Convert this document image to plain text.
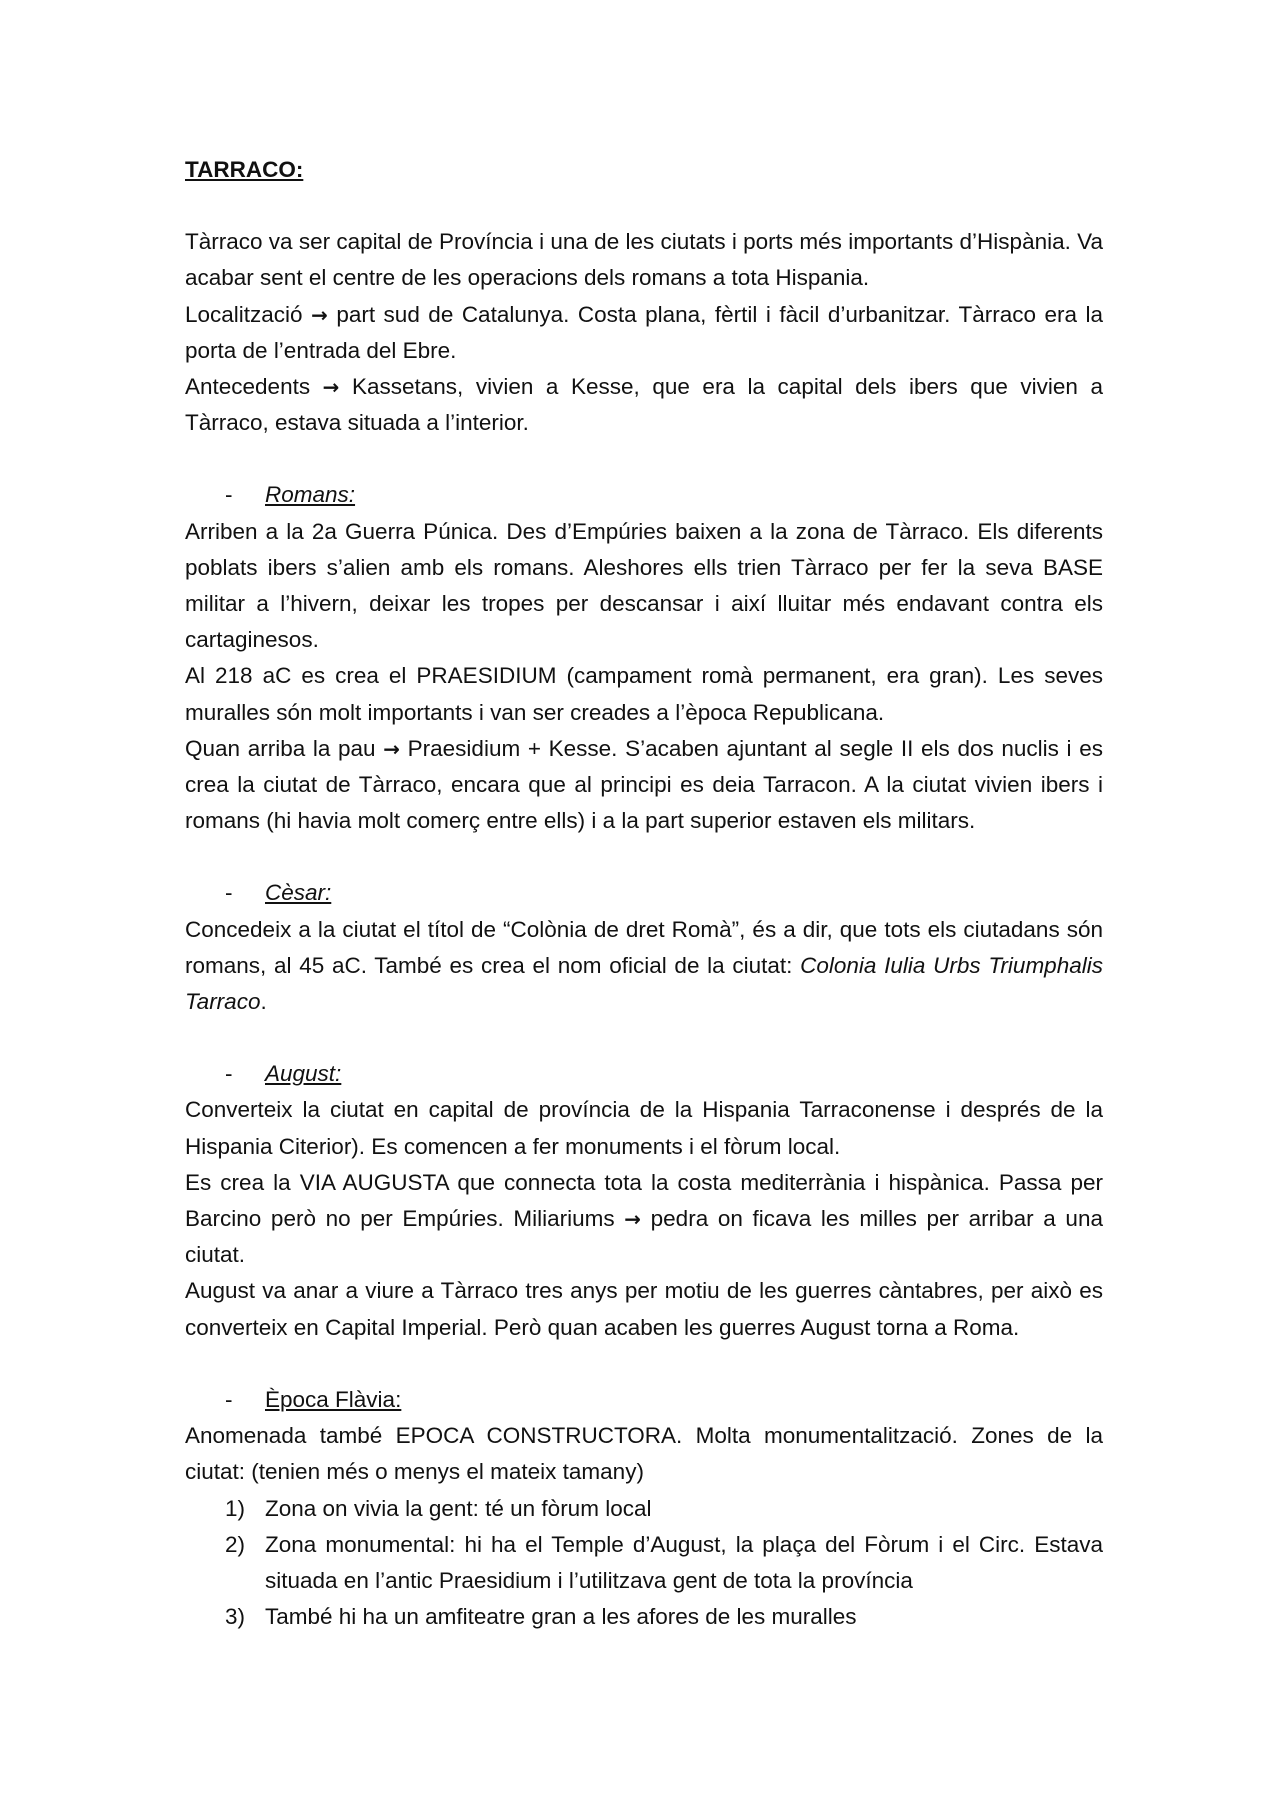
TARRACO:

Tàrraco va ser capital de Província i una de les ciutats i ports més importants d’Hispània. Va acabar sent el centre de les operacions dels romans a tota Hispania.

Localització → part sud de Catalunya. Costa plana, fèrtil i fàcil d’urbanitzar. Tàrraco era la porta de l’entrada del Ebre.

Antecedents → Kassetans, vivien a Kesse, que era la capital dels ibers que vivien a Tàrraco, estava situada a l’interior.

-	Romans:

Arriben a la 2a Guerra Púnica. Des d’Empúries baixen a la zona de Tàrraco. Els diferents poblats ibers s’alien amb els romans. Aleshores ells trien Tàrraco per fer la seva BASE militar a l’hivern, deixar les tropes per descansar i així lluitar més endavant contra els cartaginesos.

Al 218 aC es crea el PRAESIDIUM (campament romà permanent, era gran). Les seves muralles són molt importants i van ser creades a l’època Republicana.

Quan arriba la pau → Praesidium + Kesse. S’acaben ajuntant al segle II els dos nuclis i es crea la ciutat de Tàrraco, encara que al principi es deia Tarracon. A la ciutat vivien ibers i romans (hi havia molt comerç entre ells) i a la part superior estaven els militars.

-	Cèsar:

Concedeix a la ciutat el títol de “Colònia de dret Romà”, és a dir, que tots els ciutadans són romans, al 45 aC. També es crea el nom oficial de la ciutat: Colonia Iulia Urbs Triumphalis Tarraco.

-	August:

Converteix la ciutat en capital de província de la Hispania Tarraconense i després de la Hispania Citerior). Es comencen a fer monuments i el fòrum local.

Es crea la VIA AUGUSTA que connecta tota la costa mediterrània i hispànica. Passa per Barcino però no per Empúries. Miliariums → pedra on ficava les milles per arribar a una ciutat.

August va anar a viure a Tàrraco tres anys per motiu de les guerres càntabres, per això es converteix en Capital Imperial. Però quan acaben les guerres August torna a Roma.

-	Època Flàvia:

Anomenada també EPOCA CONSTRUCTORA. Molta monumentalització. Zones de la ciutat: (tenien més o menys el mateix tamany)

1) Zona on vivia la gent: té un fòrum local
2) Zona monumental: hi ha el Temple d’August, la plaça del Fòrum i el Circ. Estava situada en l’antic Praesidium i l’utilitzava gent de tota la província
3) També hi ha un amfiteatre gran a les afores de les muralles
